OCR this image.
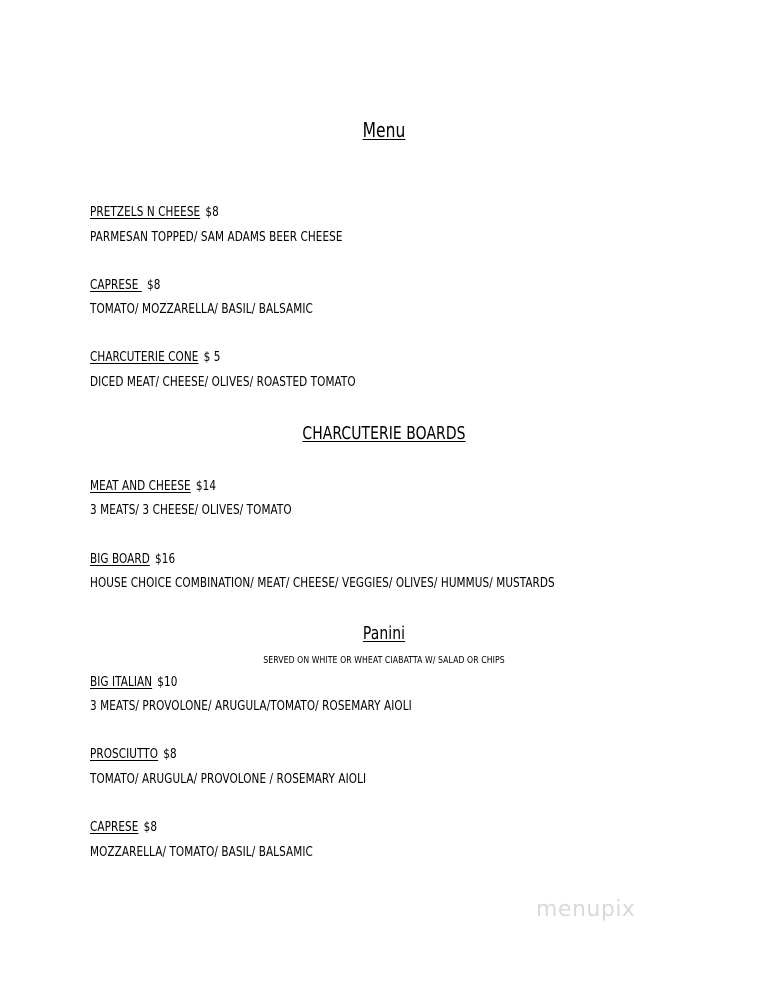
Menu
PRETZELS N CHEESE $8
PARMESAN TOPPED/ SAM ADAMS BEER CHEESE
CAPRESE $8
TOMATO/ MOZZARELLA/ BASIL/ BALSAMIC
CHARCUTERIE CONE $ 5
DICED MEAT/ CHEESE/ OLIVES/ ROASTED TOMATO
CHARCUTERIE BOARDS
MEAT AND CHEESE $14
3 MEATS/ 3 CHEESE/ OLIVES/ TOMATO
BIG BOARD $16
HOUSE CHOICE COMBINATION/ MEAT/ CHEESE/ VEGGIES/ OLIVES/ HUMMUS/ MUSTARDS
Panini
SERVED ON WHITE OR WHEAT CIABATTA W/ SALAD OR CHIPS
BIG ITALIAN $10
3 MEATS/ PROVOLONE/ ARUGULA/TOMATO/ ROSEMARY AIOLI
PROSCIUTTO $8
TOMATO/ ARUGULA/ PROVOLONE / ROSEMARY AIOLI
CAPRESE $8
MOZZARELLA/ TOMATO/ BASIL/ BALSAMIC
menupix
